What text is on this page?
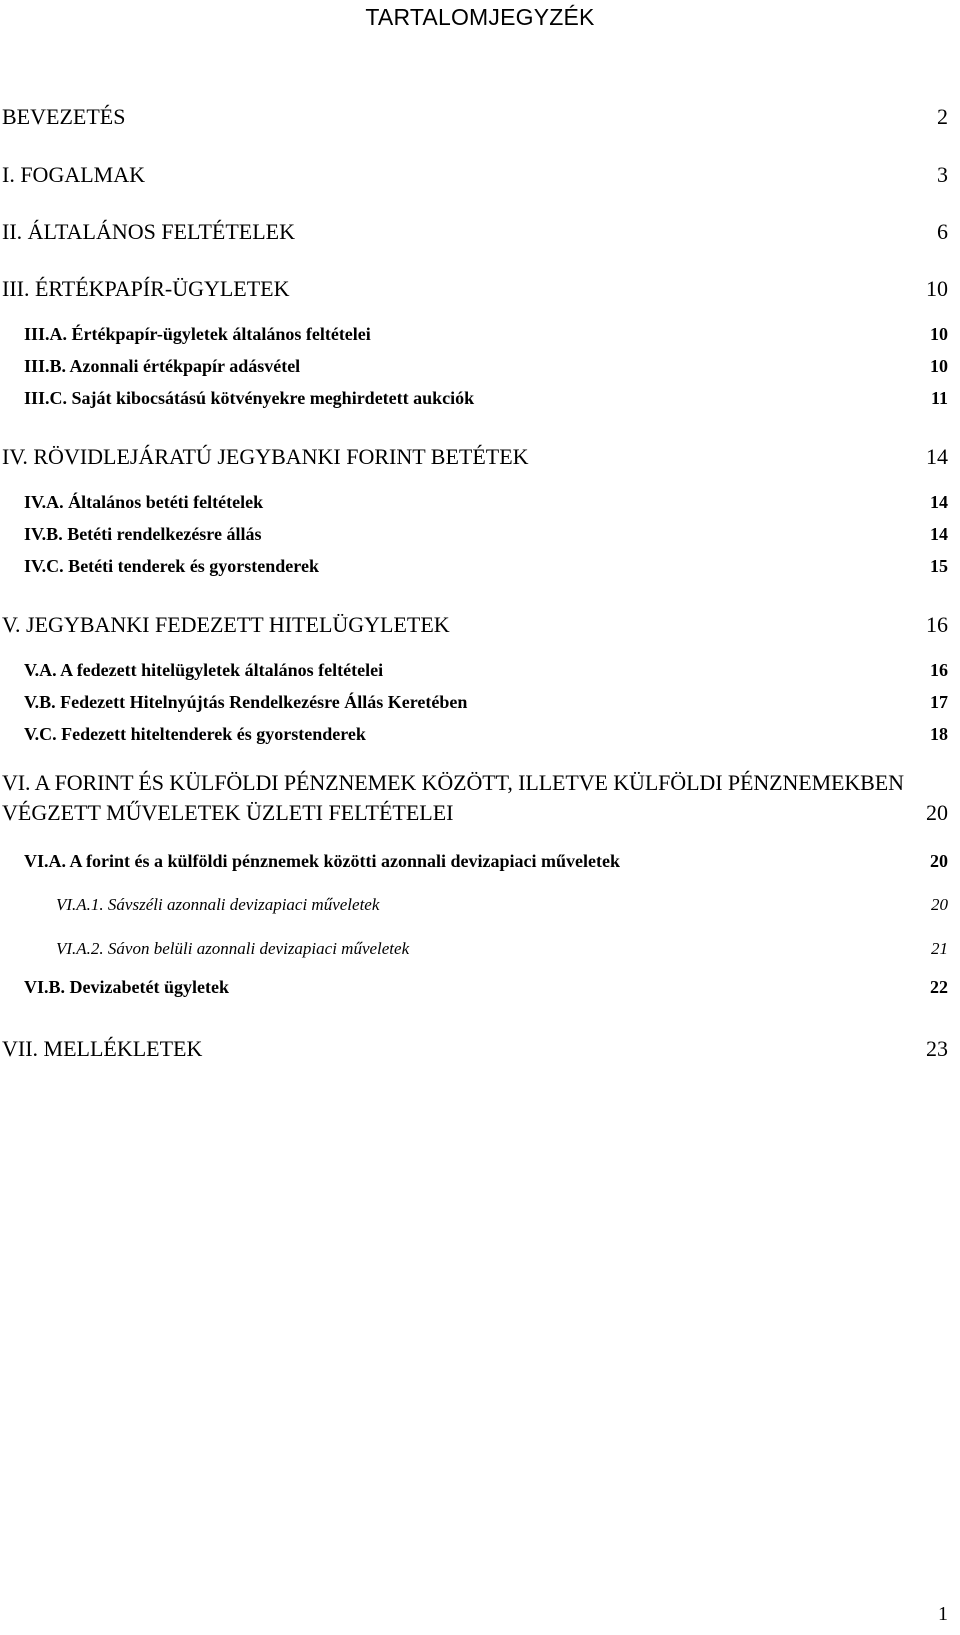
TARTALOMJEGYZÉK
BEVEZETÉS	2
I. FOGALMAK	3
II. ÁLTALÁNOS FELTÉTELEK	6
III. ÉRTÉKPAPÍR-ÜGYLETEK	10
III.A. Értékpapír-ügyletek általános feltételei	10
III.B. Azonnali értékpapír adásvétel	10
III.C. Saját kibocsátású kötvényekre meghirdetett aukciók	11
IV. RÖVIDLEJÁRATÚ JEGYBANKI FORINT BETÉTEK	14
IV.A. Általános betéti feltételek	14
IV.B. Betéti rendelkezésre állás	14
IV.C. Betéti tenderek és gyorstenderek	15
V. JEGYBANKI FEDEZETT HITELÜGYLETEK	16
V.A. A fedezett hitelügyletek általános feltételei	16
V.B. Fedezett Hitelnyújtás Rendelkezésre Állás Keretében	17
V.C. Fedezett hiteltenderek és gyorstenderek	18
VI. A FORINT ÉS KÜLFÖLDI PÉNZNEMEK KÖZÖTT, ILLETVE KÜLFÖLDI PÉNZNEMEKBEN
VÉGZETT MŰVELETEK ÜZLETI FELTÉTELEI	20
VI.A. A forint és a külföldi pénznemek közötti azonnali devizapiaci műveletek	20
VI.A.1. Sávszéli azonnali devizapiaci műveletek	20
VI.A.2. Sávon belüli azonnali devizapiaci műveletek	21
VI.B. Devizabetét ügyletek	22
VII. MELLÉKLETEK	23
1
